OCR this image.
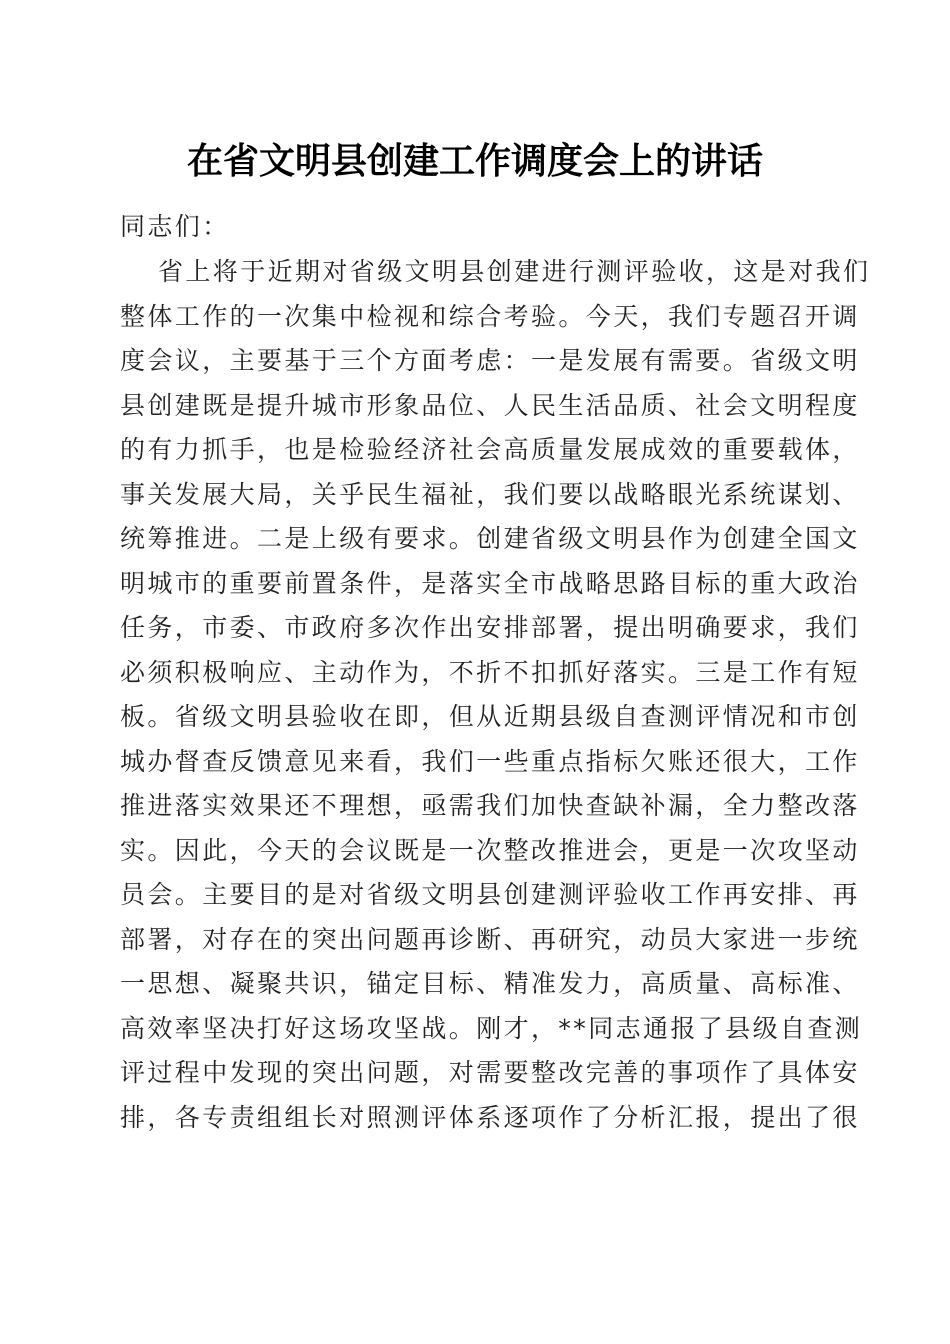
在省文明县创建工作调度会上的讲话
同志们：
省上将于近期对省级文明县创建进行测评验收，这是对我们
整体工作的一次集中检视和综合考验。今天，我们专题召开调
度会议，主要基于三个方面考虑：一是发展有需要。省级文明
县创建既是提升城市形象品位、人民生活品质、社会文明程度
的有力抓手，也是检验经济社会高质量发展成效的重要载体，
事关发展大局，关乎民生福祉，我们要以战略眼光系统谋划、
统筹推进。二是上级有要求。创建省级文明县作为创建全国文
明城市的重要前置条件，是落实全市战略思路目标的重大政治
任务，市委、市政府多次作出安排部署，提出明确要求，我们
必须积极响应、主动作为，不折不扣抓好落实。三是工作有短
板。省级文明县验收在即，但从近期县级自查测评情况和市创
城办督查反馈意见来看，我们一些重点指标欠账还很大，工作
推进落实效果还不理想，亟需我们加快查缺补漏，全力整改落
实。因此，今天的会议既是一次整改推进会，更是一次攻坚动
员会。主要目的是对省级文明县创建测评验收工作再安排、再
部署，对存在的突出问题再诊断、再研究，动员大家进一步统
一思想、凝聚共识，锚定目标、精准发力，高质量、高标准、
高效率坚决打好这场攻坚战。刚才，**同志通报了县级自查测
评过程中发现的突出问题，对需要整改完善的事项作了具体安
排，各专责组组长对照测评体系逐项作了分析汇报，提出了很
